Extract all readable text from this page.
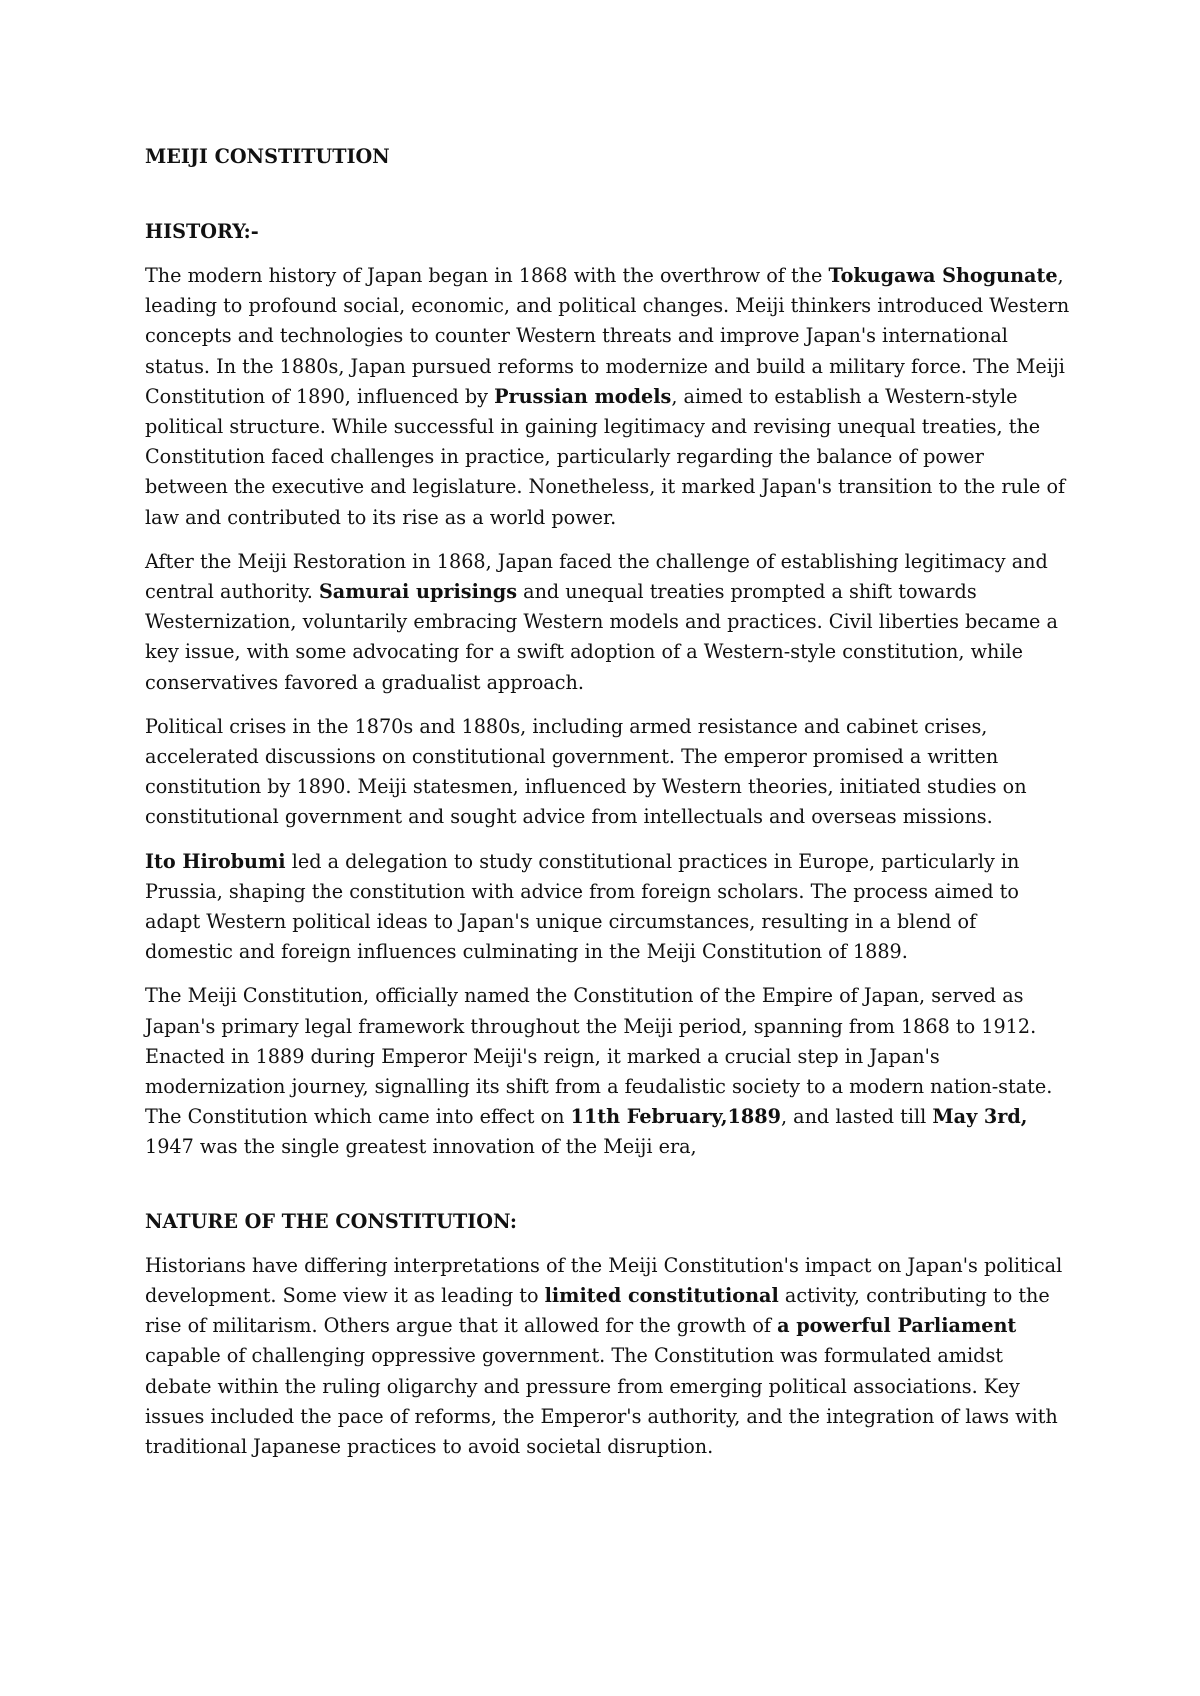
MEIJI CONSTITUTION
HISTORY:-

The modern history of Japan began in 1868 with the overthrow of the Tokugawa Shogunate, leading to profound social, economic, and political changes. Meiji thinkers introduced Western concepts and technologies to counter Western threats and improve Japan's international status. In the 1880s, Japan pursued reforms to modernize and build a military force. The Meiji Constitution of 1890, influenced by Prussian models, aimed to establish a Western-style political structure. While successful in gaining legitimacy and revising unequal treaties, the Constitution faced challenges in practice, particularly regarding the balance of power between the executive and legislature. Nonetheless, it marked Japan's transition to the rule of law and contributed to its rise as a world power.

After the Meiji Restoration in 1868, Japan faced the challenge of establishing legitimacy and central authority. Samurai uprisings and unequal treaties prompted a shift towards Westernization, voluntarily embracing Western models and practices. Civil liberties became a key issue, with some advocating for a swift adoption of a Western-style constitution, while conservatives favored a gradualist approach.

Political crises in the 1870s and 1880s, including armed resistance and cabinet crises, accelerated discussions on constitutional government. The emperor promised a written constitution by 1890. Meiji statesmen, influenced by Western theories, initiated studies on constitutional government and sought advice from intellectuals and overseas missions.

Ito Hirobumi led a delegation to study constitutional practices in Europe, particularly in Prussia, shaping the constitution with advice from foreign scholars. The process aimed to adapt Western political ideas to Japan's unique circumstances, resulting in a blend of domestic and foreign influences culminating in the Meiji Constitution of 1889.

The Meiji Constitution, officially named the Constitution of the Empire of Japan, served as Japan's primary legal framework throughout the Meiji period, spanning from 1868 to 1912. Enacted in 1889 during Emperor Meiji's reign, it marked a crucial step in Japan's modernization journey, signalling its shift from a feudalistic society to a modern nation-state. The Constitution which came into effect on 11th February,1889, and lasted till May 3rd, 1947 was the single greatest innovation of the Meiji era,

NATURE OF THE CONSTITUTION:

Historians have differing interpretations of the Meiji Constitution's impact on Japan's political development. Some view it as leading to limited constitutional activity, contributing to the rise of militarism. Others argue that it allowed for the growth of a powerful Parliament capable of challenging oppressive government. The Constitution was formulated amidst debate within the ruling oligarchy and pressure from emerging political associations. Key issues included the pace of reforms, the Emperor's authority, and the integration of laws with traditional Japanese practices to avoid societal disruption.
